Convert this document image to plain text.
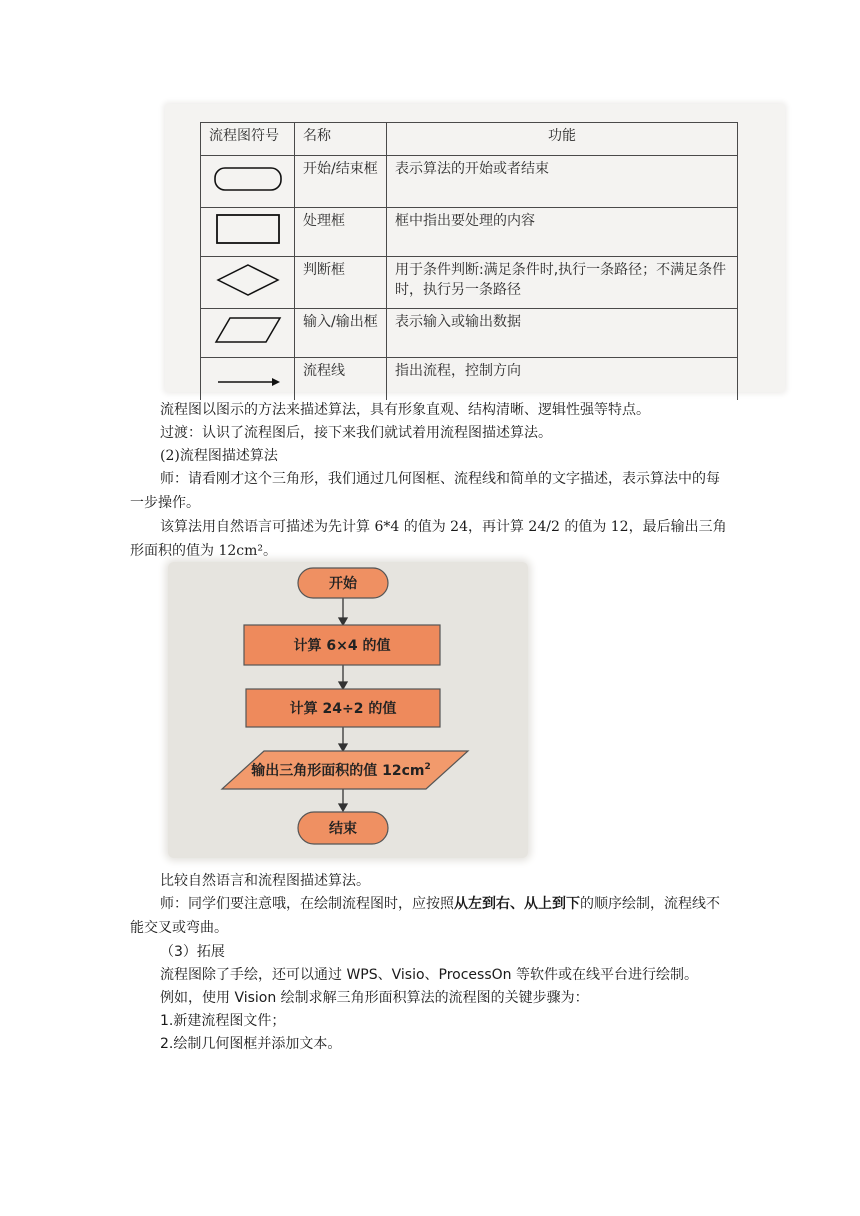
流程图符号	名称	功能
	开始/结束框	表示算法的开始或者结束
	处理框	框中指出要处理的内容
	判断框	用于条件判断:满足条件时,执行一条路径；不满足条件时，执行另一条路径
	输入/输出框	表示输入或输出数据
	流程线	指出流程，控制方向
流程图以图示的方法来描述算法，具有形象直观、结构清晰、逻辑性强等特点。
过渡：认识了流程图后，接下来我们就试着用流程图描述算法。
(2)流程图描述算法
师：请看刚才这个三角形，我们通过几何图框、流程线和简单的文字描述，表示算法中的每一步操作。
该算法用自然语言可描述为先计算 6*4 的值为 24，再计算 24/2 的值为 12，最后输出三角形面积的值为 12cm²。
开始
计算 6×4 的值
计算 24÷2 的值
输出三角形面积的值 $12cm^2$
结束
比较自然语言和流程图描述算法。
师：同学们要注意哦，在绘制流程图时，应按照从左到右、从上到下的顺序绘制，流程线不能交叉或弯曲。
（3）拓展
流程图除了手绘，还可以通过 WPS、Visio、ProcessOn 等软件或在线平台进行绘制。
例如，使用 Vision 绘制求解三角形面积算法的流程图的关键步骤为：
1.新建流程图文件；
2.绘制几何图框并添加文本。
